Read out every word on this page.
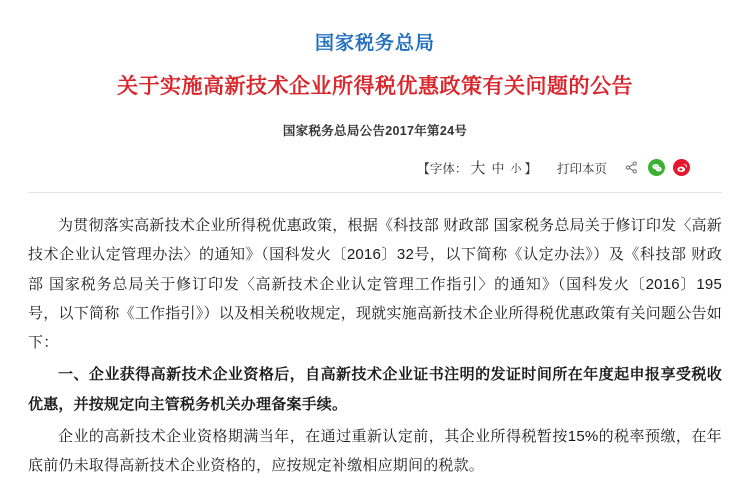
国家税务总局
关于实施高新技术企业所得税优惠政策有关问题的公告
国家税务总局公告2017年第24号
【字体： 大 中 小 】 打印本页

为贯彻落实高新技术企业所得税优惠政策，根据《科技部 财政部 国家税务总局关于修订印发〈高新技术企业认定管理办法〉的通知》（国科发火〔2016〕32号，以下简称《认定办法》）及《科技部 财政部 国家税务总局关于修订印发〈高新技术企业认定管理工作指引〉的通知》（国科发火〔2016〕195号，以下简称《工作指引》）以及相关税收规定，现就实施高新技术企业所得税优惠政策有关问题公告如下：

一、企业获得高新技术企业资格后，自高新技术企业证书注明的发证时间所在年度起申报享受税收优惠，并按规定向主管税务机关办理备案手续。

企业的高新技术企业资格期满当年，在通过重新认定前，其企业所得税暂按15%的税率预缴，在年底前仍未取得高新技术企业资格的，应按规定补缴相应期间的税款。
